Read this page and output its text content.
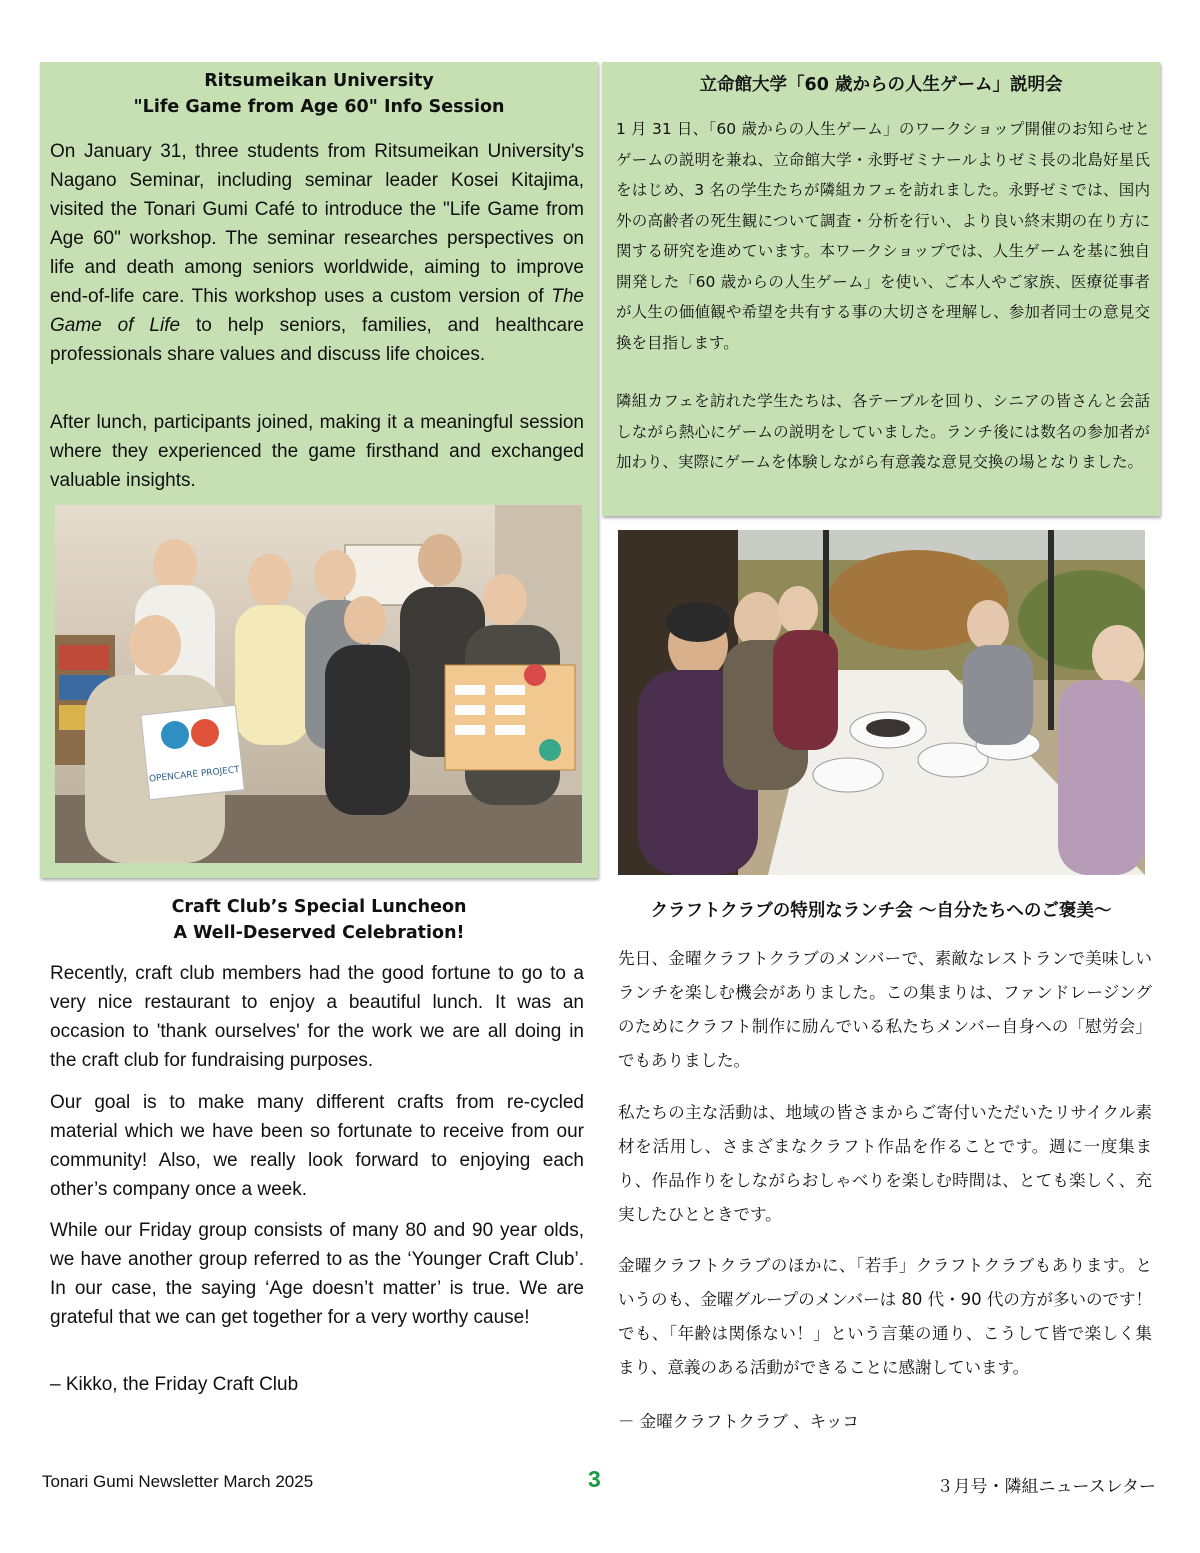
Ritsumeikan University
"Life Game from Age 60" Info Session

On January 31, three students from Ritsumeikan University's Nagano Seminar, including seminar leader Kosei Kitajima, visited the Tonari Gumi Café to introduce the "Life Game from Age 60" workshop. The seminar researches perspectives on life and death among seniors worldwide, aiming to improve end-of-life care. This workshop uses a custom version of The Game of Life to help seniors, families, and healthcare professionals share values and discuss life choices.

After lunch, participants joined, making it a meaningful session where they experienced the game firsthand and exchanged valuable insights.

OPENCARE PROJECT
立命館大学「60 歳からの人生ゲーム」説明会

1 月 31 日、「60 歳からの人生ゲーム」のワークショップ開催のお知らせとゲームの説明を兼ね、立命館大学・永野ゼミナールよりゼミ長の北島好星氏をはじめ、3 名の学生たちが隣組カフェを訪れました。永野ゼミでは、国内外の高齢者の死生観について調査・分析を行い、より良い終末期の在り方に関する研究を進めています。本ワークショップでは、人生ゲームを基に独自開発した「60 歳からの人生ゲーム」を使い、ご本人やご家族、医療従事者が人生の価値観や希望を共有する事の大切さを理解し、参加者同士の意見交換を目指します。

隣組カフェを訪れた学生たちは、各テーブルを回り、シニアの皆さんと会話しながら熱心にゲームの説明をしていました。ランチ後には数名の参加者が加わり、実際にゲームを体験しながら有意義な意見交換の場となりました。

Craft Club’s Special Luncheon
A Well-Deserved Celebration!

Recently, craft club members had the good fortune to go to a very nice restaurant to enjoy a beautiful lunch. It was an occasion to 'thank ourselves' for the work we are all doing in the craft club for fundraising purposes.

Our goal is to make many different crafts from re-cycled material which we have been so fortunate to receive from our community! Also, we really look forward to enjoying each other’s company once a week.

While our Friday group consists of many 80 and 90 year olds, we have another group referred to as the ‘Younger Craft Club’. In our case, the saying ‘Age doesn’t matter’ is true. We are grateful that we can get together for a very worthy cause!

– Kikko, the Friday Craft Club

クラフトクラブの特別なランチ会 ～自分たちへのご褒美～

先日、金曜クラフトクラブのメンバーで、素敵なレストランで美味しいランチを楽しむ機会がありました。この集まりは、ファンドレージングのためにクラフト制作に励んでいる私たちメンバー自身への「慰労会」でもありました。

私たちの主な活動は、地域の皆さまからご寄付いただいたリサイクル素材を活用し、さまざまなクラフト作品を作ることです。週に一度集まり、作品作りをしながらおしゃべりを楽しむ時間は、とても楽しく、充実したひとときです。

金曜クラフトクラブのほかに、「若手」クラフトクラブもあります。というのも、金曜グループのメンバーは 80 代・90 代の方が多いのです！ でも、「年齢は関係ない！」という言葉の通り、こうして皆で楽しく集まり、意義のある活動ができることに感謝しています。

－ 金曜クラフトクラブ 、キッコ

Tonari Gumi Newsletter March 2025	3	３月号・隣組ニュースレター
